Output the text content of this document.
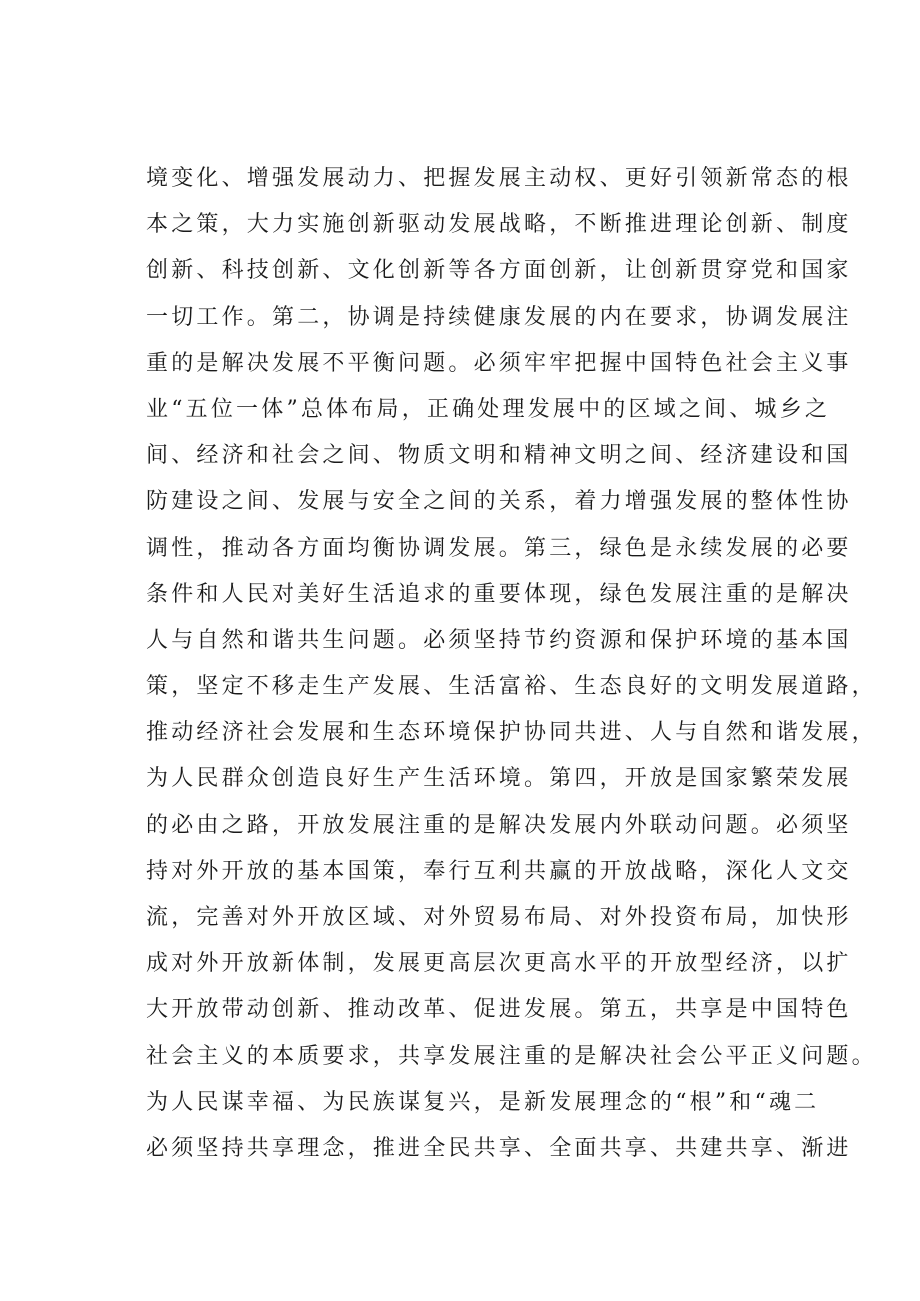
境变化、增强发展动力、把握发展主动权、更好引领新常态的根
本之策，大力实施创新驱动发展战略，不断推进理论创新、制度
创新、科技创新、文化创新等各方面创新，让创新贯穿党和国家
一切工作。第二，协调是持续健康发展的内在要求，协调发展注
重的是解决发展不平衡问题。必须牢牢把握中国特色社会主义事
业“五位一体”总体布局，正确处理发展中的区域之间、城乡之
间、经济和社会之间、物质文明和精神文明之间、经济建设和国
防建设之间、发展与安全之间的关系，着力增强发展的整体性协
调性，推动各方面均衡协调发展。第三，绿色是永续发展的必要
条件和人民对美好生活追求的重要体现，绿色发展注重的是解决
人与自然和谐共生问题。必须坚持节约资源和保护环境的基本国
策，坚定不移走生产发展、生活富裕、生态良好的文明发展道路，
推动经济社会发展和生态环境保护协同共进、人与自然和谐发展，
为人民群众创造良好生产生活环境。第四，开放是国家繁荣发展
的必由之路，开放发展注重的是解决发展内外联动问题。必须坚
持对外开放的基本国策，奉行互利共赢的开放战略，深化人文交
流，完善对外开放区域、对外贸易布局、对外投资布局，加快形
成对外开放新体制，发展更高层次更高水平的开放型经济，以扩
大开放带动创新、推动改革、促进发展。第五，共享是中国特色
社会主义的本质要求，共享发展注重的是解决社会公平正义问题。
为人民谋幸福、为民族谋复兴，是新发展理念的“根”和“魂二
必须坚持共享理念，推进全民共享、全面共享、共建共享、渐进
